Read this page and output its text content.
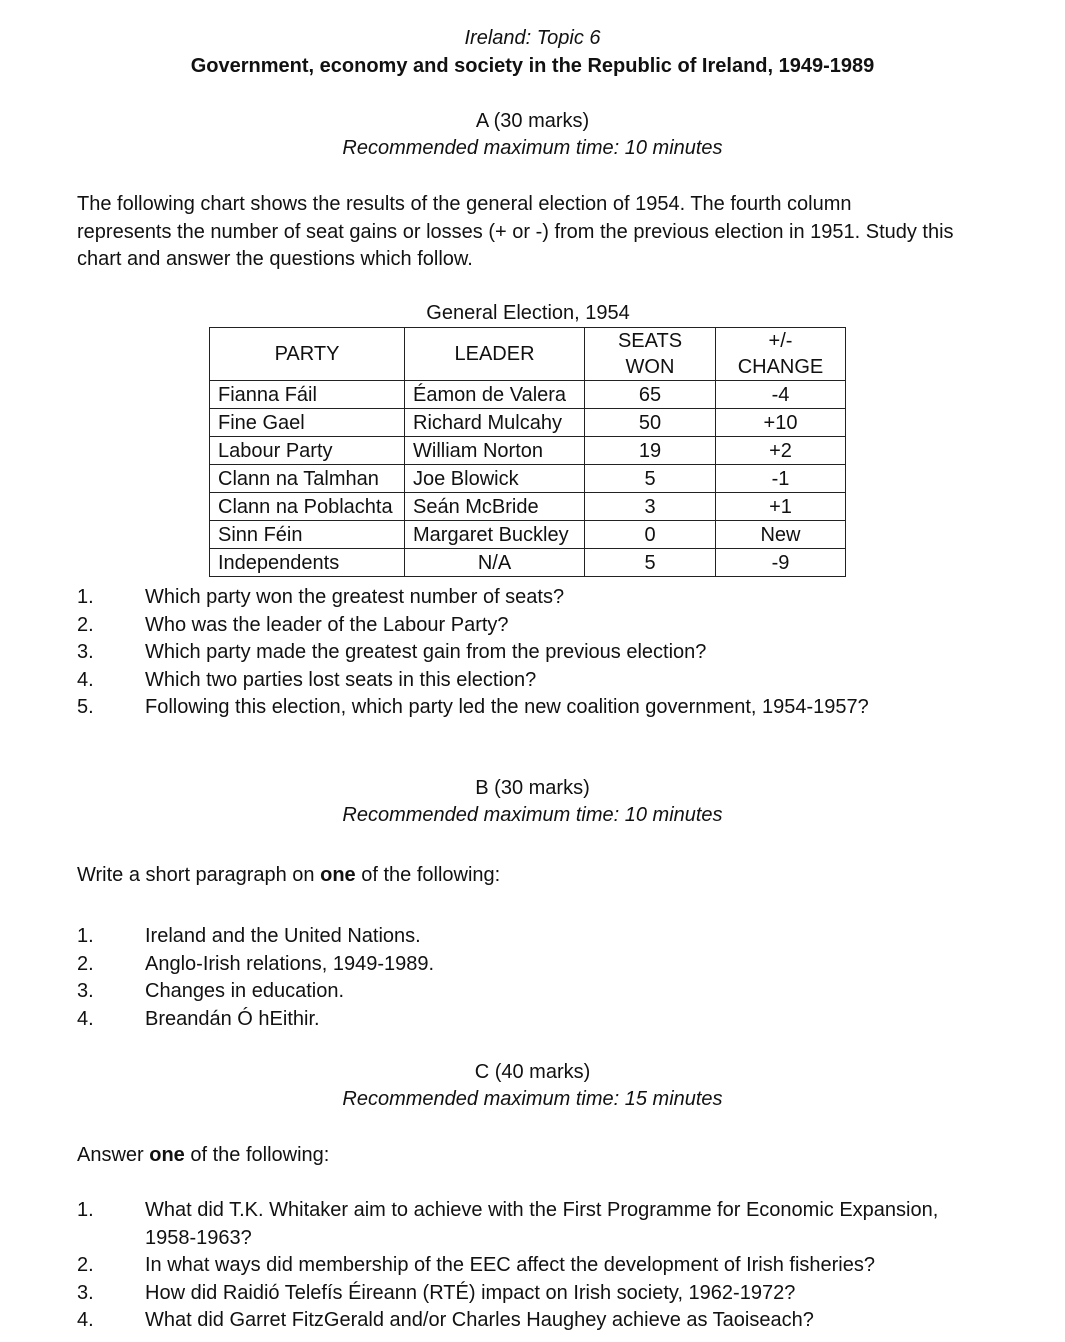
Ireland: Topic 6
Government, economy and society in the Republic of Ireland, 1949-1989
A (30 marks)
Recommended maximum time: 10 minutes
The following chart shows the results of the general election of 1954. The fourth column
represents the number of seat gains or losses (+ or -) from the previous election in 1951. Study this
chart and answer the questions which follow.
General Election, 1954
PARTY	LEADER	SEATS WON	+/- CHANGE
Fianna Fáil	Éamon de Valera	65	-4
Fine Gael	Richard Mulcahy	50	+10
Labour Party	William Norton	19	+2
Clann na Talmhan	Joe Blowick	5	-1
Clann na Poblachta	Seán McBride	3	+1
Sinn Féin	Margaret Buckley	0	New
Independents	N/A	5	-9
1.	Which party won the greatest number of seats?
2.	Who was the leader of the Labour Party?
3.	Which party made the greatest gain from the previous election?
4.	Which two parties lost seats in this election?
5.	Following this election, which party led the new coalition government, 1954-1957?
B (30 marks)
Recommended maximum time: 10 minutes
Write a short paragraph on one of the following:
1.	Ireland and the United Nations.
2.	Anglo-Irish relations, 1949-1989.
3.	Changes in education.
4.	Breandán Ó hEithir.
C (40 marks)
Recommended maximum time: 15 minutes
Answer one of the following:
1.	What did T.K. Whitaker aim to achieve with the First Programme for Economic Expansion, 1958-1963?
2.	In what ways did membership of the EEC affect the development of Irish fisheries?
3.	How did Raidió Telefís Éireann (RTÉ) impact on Irish society, 1962-1972?
4.	What did Garret FitzGerald and/or Charles Haughey achieve as Taoiseach?
